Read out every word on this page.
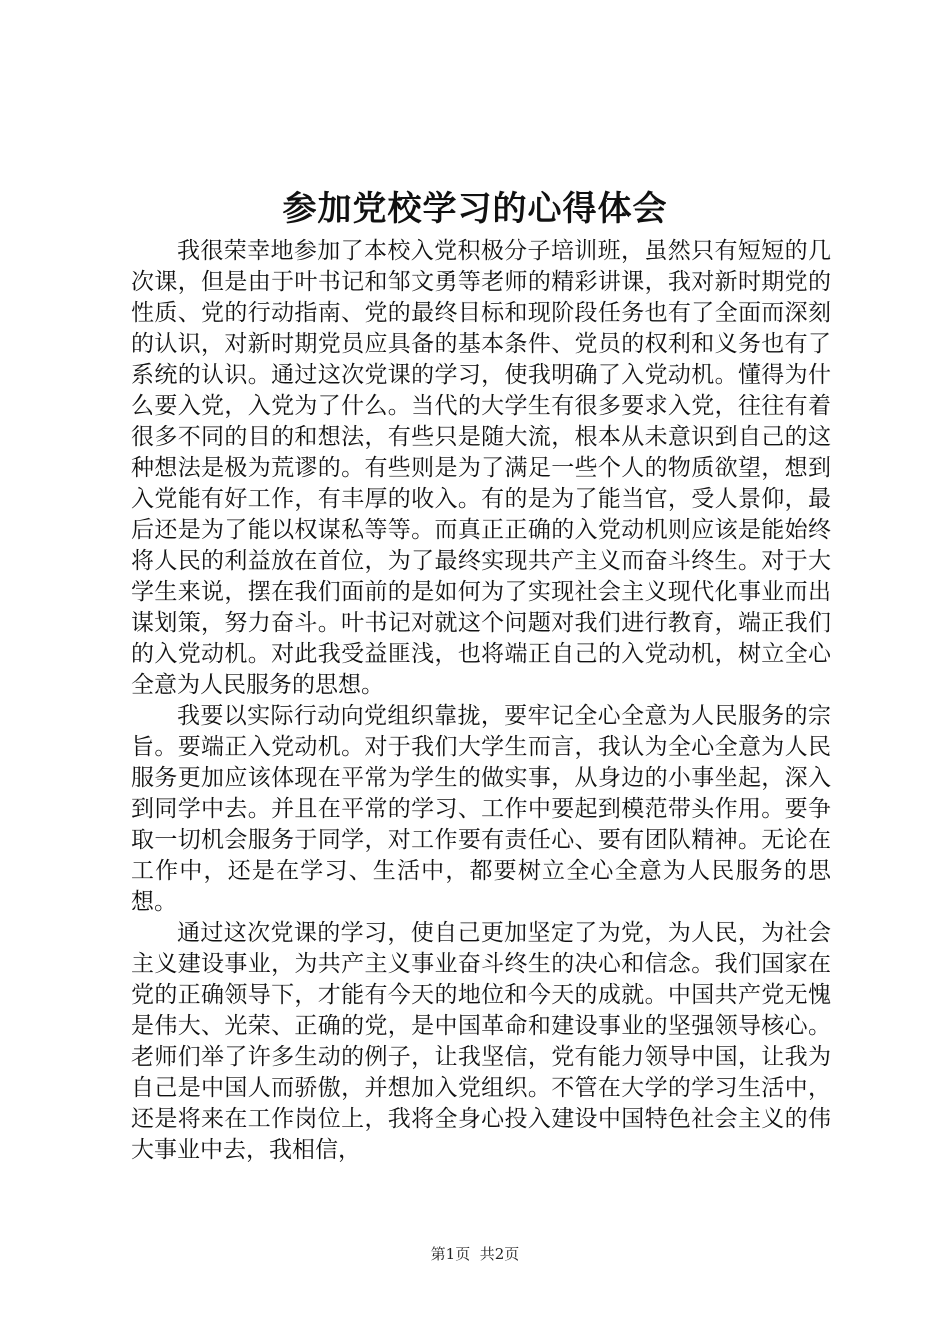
参加党校学习的心得体会

我很荣幸地参加了本校入党积极分子培训班，虽然只有短短的几次课，但是由于叶书记和邹文勇等老师的精彩讲课，我对新时期党的性质、党的行动指南、党的最终目标和现阶段任务也有了全面而深刻的认识，对新时期党员应具备的基本条件、党员的权利和义务也有了系统的认识。通过这次党课的学习，使我明确了入党动机。懂得为什么要入党，入党为了什么。当代的大学生有很多要求入党，往往有着很多不同的目的和想法，有些只是随大流，根本从未意识到自己的这种想法是极为荒谬的。有些则是为了满足一些个人的物质欲望，想到入党能有好工作，有丰厚的收入。有的是为了能当官，受人景仰，最后还是为了能以权谋私等等。而真正正确的入党动机则应该是能始终将人民的利益放在首位，为了最终实现共产主义而奋斗终生。对于大学生来说，摆在我们面前的是如何为了实现社会主义现代化事业而出谋划策，努力奋斗。叶书记对就这个问题对我们进行教育，端正我们的入党动机。对此我受益匪浅，也将端正自己的入党动机，树立全心全意为人民服务的思想。

我要以实际行动向党组织靠拢，要牢记全心全意为人民服务的宗旨。要端正入党动机。对于我们大学生而言，我认为全心全意为人民服务更加应该体现在平常为学生的做实事，从身边的小事坐起，深入到同学中去。并且在平常的学习、工作中要起到模范带头作用。要争取一切机会服务于同学，对工作要有责任心、要有团队精神。无论在工作中，还是在学习、生活中，都要树立全心全意为人民服务的思想。

通过这次党课的学习，使自己更加坚定了为党，为人民，为社会主义建设事业，为共产主义事业奋斗终生的决心和信念。我们国家在党的正确领导下，才能有今天的地位和今天的成就。中国共产党无愧是伟大、光荣、正确的党，是中国革命和建设事业的坚强领导核心。老师们举了许多生动的例子，让我坚信，党有能力领导中国，让我为自己是中国人而骄傲，并想加入党组织。不管在大学的学习生活中，还是将来在工作岗位上，我将全身心投入建设中国特色社会主义的伟大事业中去，我相信，

第1页 共2页
